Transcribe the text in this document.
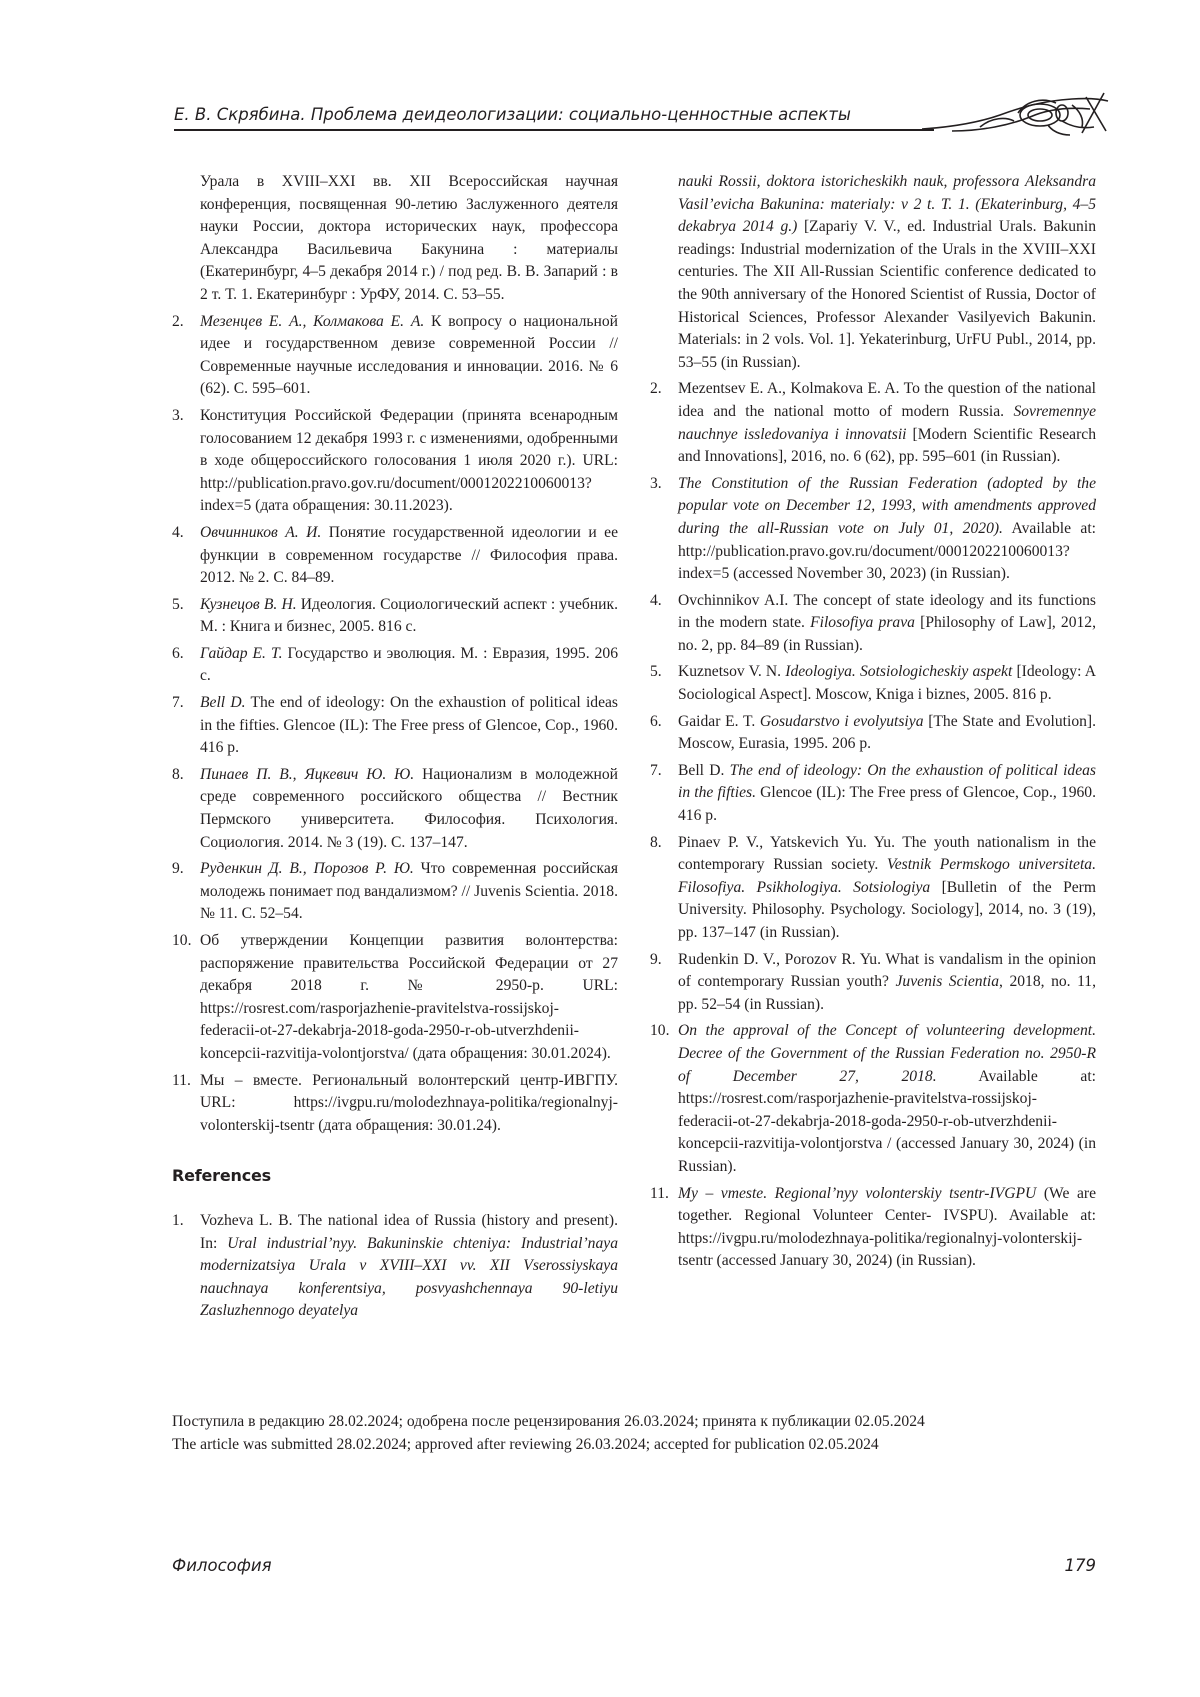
Е. В. Скрябина. Проблема деидеологизации: социально-ценностные аспекты

Урала в XVIII–XXI вв. XII Всероссийская научная конференция, посвященная 90-летию Заслуженного деятеля науки России, доктора исторических наук, профессора Александра Васильевича Бакунина : материалы (Екатеринбург, 4–5 декабря 2014 г.) / под ред. В. В. Запарий : в 2 т. Т. 1. Екатеринбург : УрФУ, 2014. С. 53–55.

2. Мезенцев Е. А., Колмакова Е. А. К вопросу о национальной идее и государственном девизе современной России // Современные научные исследования и инновации. 2016. № 6 (62). С. 595–601.

3. Конституция Российской Федерации (принята всенародным голосованием 12 декабря 1993 г. с изменениями, одобренными в ходе общероссийского голосования 1 июля 2020 г.). URL: http://publication.pravo.gov.ru/document/0001202210060013?index=5 (дата обращения: 30.11.2023).

4. Овчинников А. И. Понятие государственной идеологии и ее функции в современном государстве // Философия права. 2012. № 2. С. 84–89.

5. Кузнецов В. Н. Идеология. Социологический аспект : учебник. М. : Книга и бизнес, 2005. 816 с.

6. Гайдар Е. Т. Государство и эволюция. М. : Евразия, 1995. 206 с.

7. Bell D. The end of ideology: On the exhaustion of political ideas in the fifties. Glencoe (IL): The Free press of Glencoe, Cop., 1960. 416 p.

8. Пинаев П. В., Яцкевич Ю. Ю. Национализм в молодежной среде современного российского общества // Вестник Пермского университета. Философия. Психология. Социология. 2014. № 3 (19). С. 137–147.

9. Руденкин Д. В., Порозов Р. Ю. Что современная российская молодежь понимает под вандализмом? // Juvenis Scientia. 2018. № 11. С. 52–54.

10. Об утверждении Концепции развития волонтерства: распоряжение правительства Российской Федерации от 27 декабря 2018 г. № 2950-р. URL: https://rosrest.com/rasporjazhenie-pravitelstva-rossijskoj-federacii-ot-27-dekabrja-2018-goda-2950-r-ob-utverzhdenii-koncepcii-razvitija-volontjorstva/ (дата обращения: 30.01.2024).

11. Мы – вместе. Региональный волонтерский центр-ИВГПУ. URL: https://ivgpu.ru/molodezhnaya-politika/regionalnyj-volonterskij-tsentr (дата обращения: 30.01.24).

References

1. Vozheva L. B. The national idea of Russia (history and present). In: Ural industrial’nyy. Bakuninskie chteniya: Industrial’naya modernizatsiya Urala v XVIII–XXI vv. XII Vserossiyskaya nauchnaya konferentsiya, posvyashchennaya 90-letiyu Zasluzhennogo deyatelya

nauki Rossii, doktora istoricheskikh nauk, professora Aleksandra Vasil’evicha Bakunina: materialy: v 2 t. T. 1. (Ekaterinburg, 4–5 dekabrya 2014 g.) [Zapariy V. V., ed. Industrial Urals. Bakunin readings: Industrial modernization of the Urals in the XVIII–XXI centuries. The XII All-Russian Scientific conference dedicated to the 90th anniversary of the Honored Scientist of Russia, Doctor of Historical Sciences, Professor Alexander Vasilyevich Bakunin. Materials: in 2 vols. Vol. 1]. Yekaterinburg, UrFU Publ., 2014, pp. 53–55 (in Russian).

2. Mezentsev E. A., Kolmakova E. A. To the question of the national idea and the national motto of modern Russia. Sovremennye nauchnye issledovaniya i innovatsii [Modern Scientific Research and Innovations], 2016, no. 6 (62), pp. 595–601 (in Russian).

3. The Constitution of the Russian Federation (adopted by the popular vote on December 12, 1993, with amendments approved during the all-Russian vote on July 01, 2020). Available at: http://publication.pravo.gov.ru/document/0001202210060013?index=5 (accessed November 30, 2023) (in Russian).

4. Ovchinnikov A.I. The concept of state ideology and its functions in the modern state. Filosofiya prava [Philosophy of Law], 2012, no. 2, pp. 84–89 (in Russian).

5. Kuznetsov V. N. Ideologiya. Sotsiologicheskiy aspekt [Ideology: A Sociological Aspect]. Moscow, Kniga i biznes, 2005. 816 p.

6. Gaidar E. T. Gosudarstvo i evolyutsiya [The State and Evolution]. Moscow, Eurasia, 1995. 206 p.

7. Bell D. The end of ideology: On the exhaustion of political ideas in the fifties. Glencoe (IL): The Free press of Glencoe, Cop., 1960. 416 p.

8. Pinaev P. V., Yatskevich Yu. Yu. The youth nationalism in the contemporary Russian society. Vestnik Permskogo universiteta. Filosofiya. Psikhologiya. Sotsiologiya [Bulletin of the Perm University. Philosophy. Psychology. Sociology], 2014, no. 3 (19), pp. 137–147 (in Russian).

9. Rudenkin D. V., Porozov R. Yu. What is vandalism in the opinion of contemporary Russian youth? Juvenis Scientia, 2018, no. 11, pp. 52–54 (in Russian).

10. On the approval of the Concept of volunteering development. Decree of the Government of the Russian Federation no. 2950-R of December 27, 2018. Available at: https://rosrest.com/rasporjazhenie-pravitelstva-rossijskoj-federacii-ot-27-dekabrja-2018-goda-2950-r-ob-utverzhdenii-koncepcii-razvitija-volontjorstva / (accessed January 30, 2024) (in Russian).

11. My – vmeste. Regional’nyy volonterskiy tsentr-IVGPU (We are together. Regional Volunteer Center- IVSPU). Available at: https://ivgpu.ru/molodezhnaya-politika/regionalnyj-volonterskij-tsentr (accessed January 30, 2024) (in Russian).

Поступила в редакцию 28.02.2024; одобрена после рецензирования 26.03.2024; принята к публикации 02.05.2024
The article was submitted 28.02.2024; approved after reviewing 26.03.2024; accepted for publication 02.05.2024
Философия	179
